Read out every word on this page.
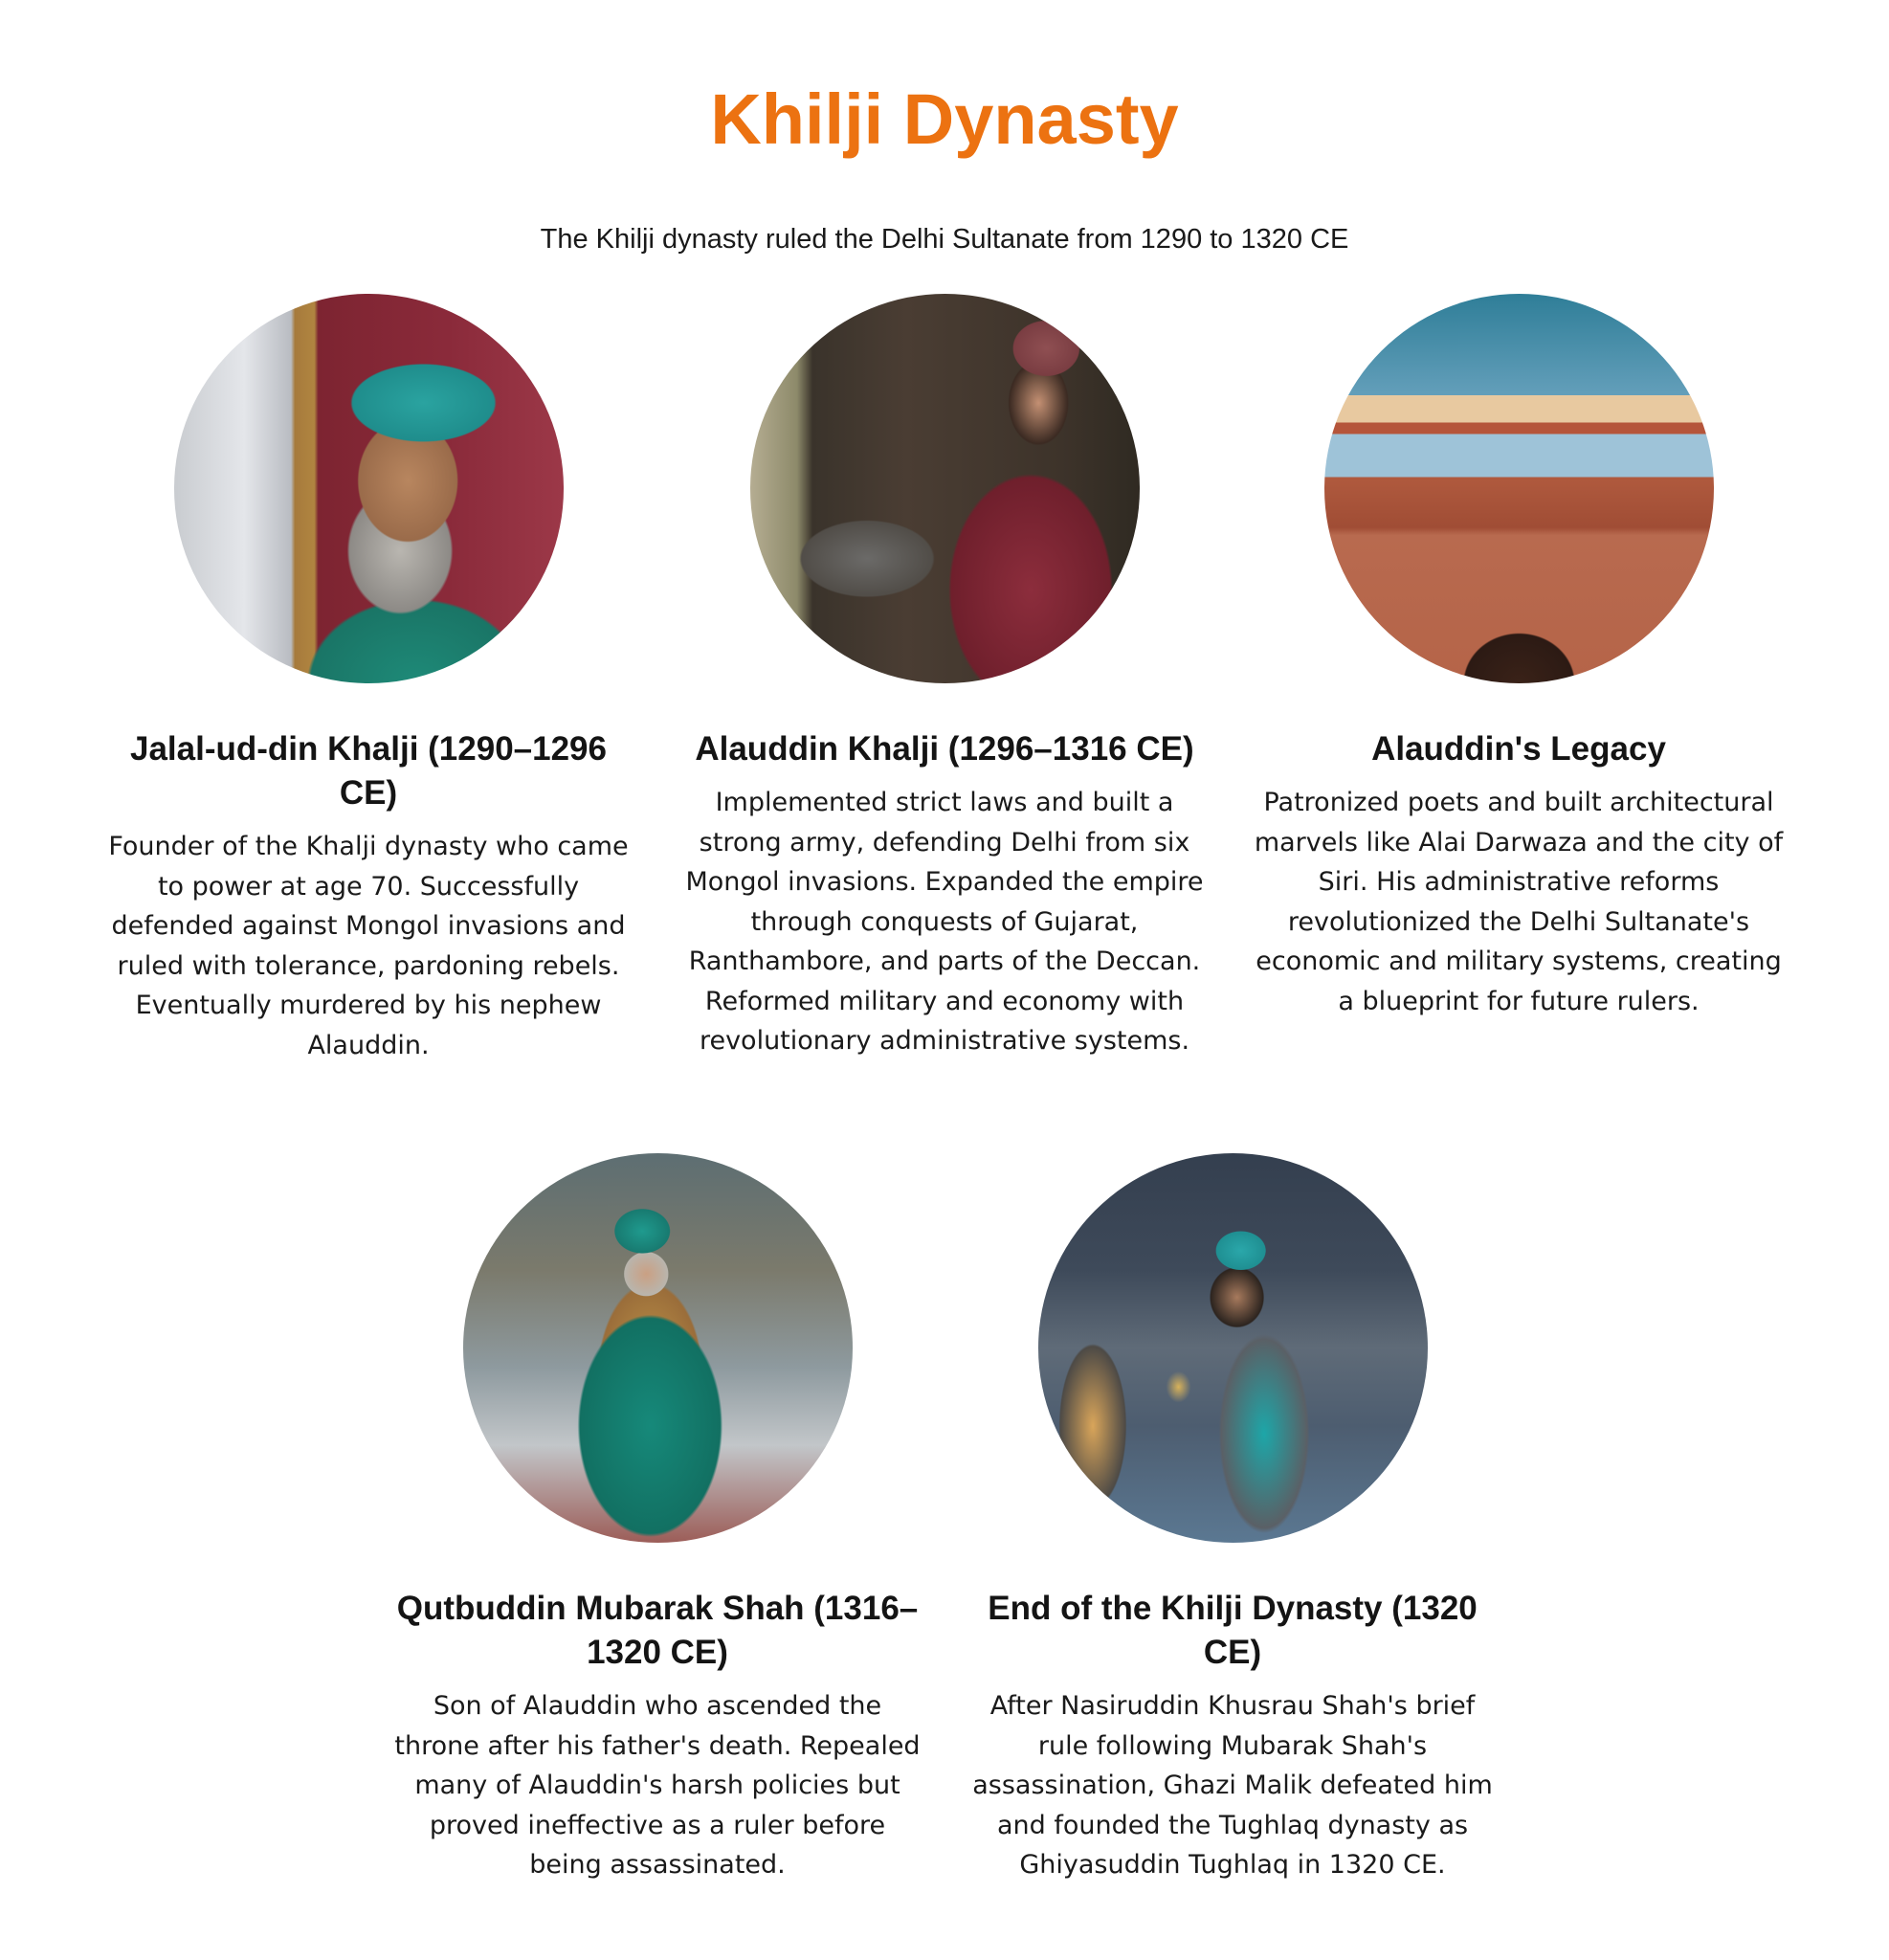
Khilji Dynasty

The Khilji dynasty ruled the Delhi Sultanate from 1290 to 1320 CE

Jalal-ud-din Khalji (1290–1296 CE)

Founder of the Khalji dynasty who came to power at age 70. Successfully defended against Mongol invasions and ruled with tolerance, pardoning rebels. Eventually murdered by his nephew Alauddin.

Alauddin Khalji (1296–1316 CE)

Implemented strict laws and built a strong army, defending Delhi from six Mongol invasions. Expanded the empire through conquests of Gujarat, Ranthambore, and parts of the Deccan. Reformed military and economy with revolutionary administrative systems.

Alauddin's Legacy

Patronized poets and built architectural marvels like Alai Darwaza and the city of Siri. His administrative reforms revolutionized the Delhi Sultanate's economic and military systems, creating a blueprint for future rulers.

Qutbuddin Mubarak Shah (1316–1320 CE)

Son of Alauddin who ascended the throne after his father's death. Repealed many of Alauddin's harsh policies but proved ineffective as a ruler before being assassinated.

End of the Khilji Dynasty (1320 CE)

After Nasiruddin Khusrau Shah's brief rule following Mubarak Shah's assassination, Ghazi Malik defeated him and founded the Tughlaq dynasty as Ghiyasuddin Tughlaq in 1320 CE.
